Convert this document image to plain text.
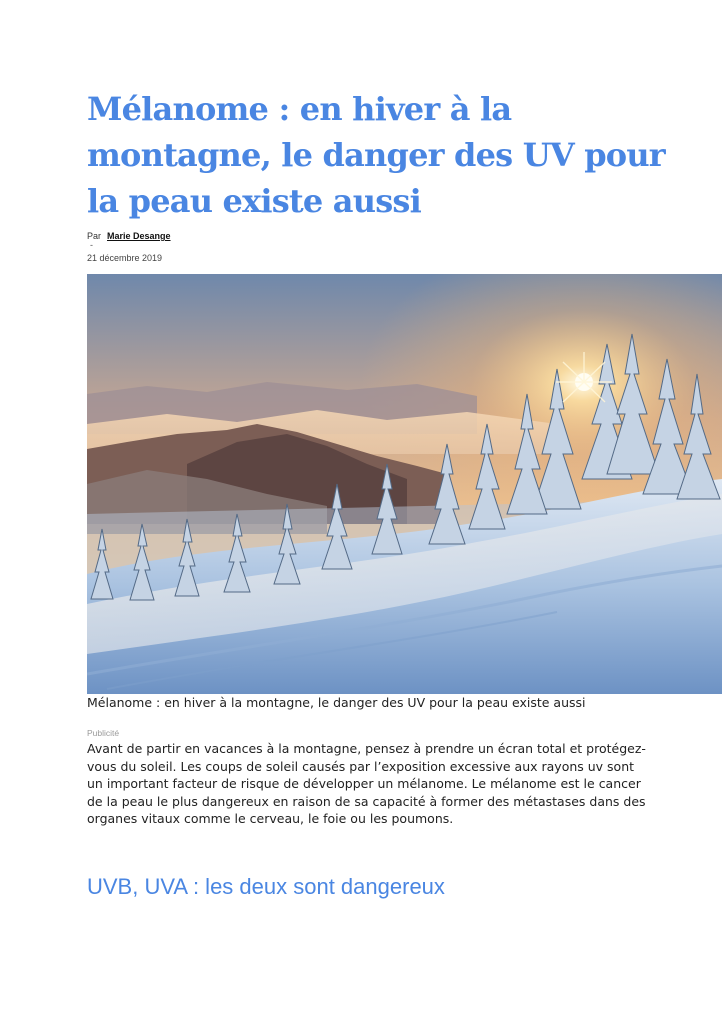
Mélanome : en hiver à la montagne, le danger des UV pour la peau existe aussi
Par Marie Desange
-
21 décembre 2019

Mélanome : en hiver à la montagne, le danger des UV pour la peau existe aussi

Publicité

Avant de partir en vacances à la montagne, pensez à prendre un écran total et protégez-vous du soleil. Les coups de soleil causés par l’exposition excessive aux rayons uv sont un important facteur de risque de développer un mélanome. Le mélanome est le cancer de la peau le plus dangereux en raison de sa capacité à former des métastases dans des organes vitaux comme le cerveau, le foie ou les poumons.

UVB, UVA : les deux sont dangereux
